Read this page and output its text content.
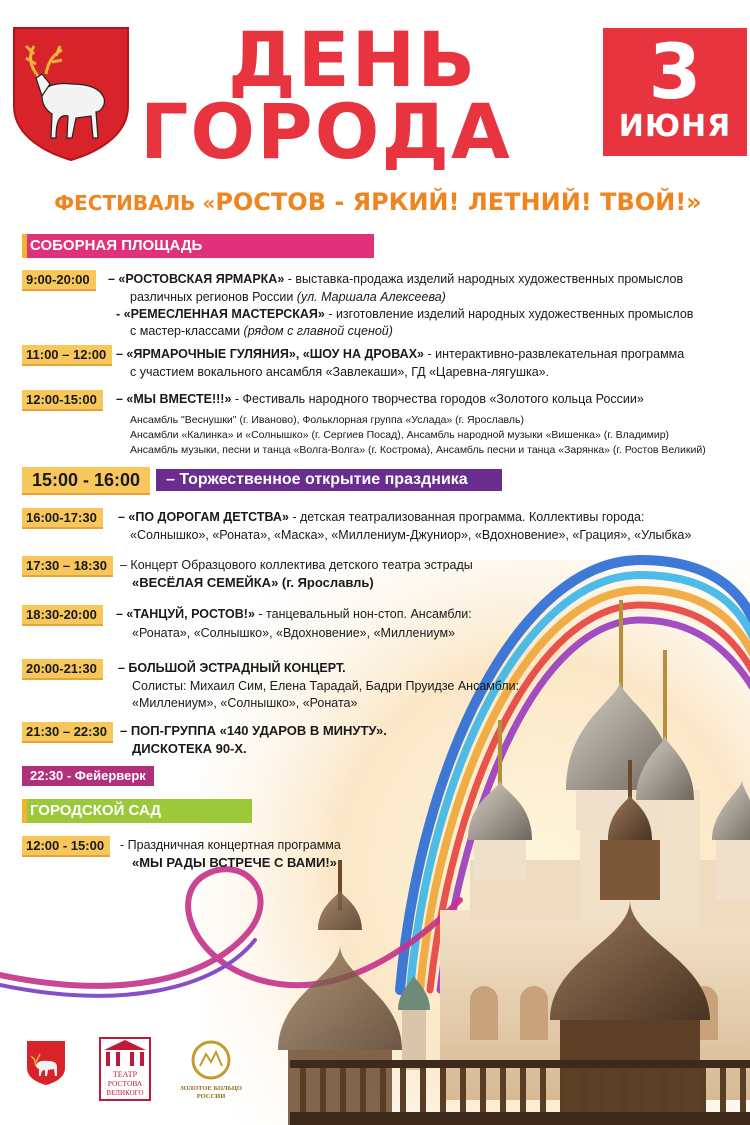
ДЕНЬ
ГОРОДА
3
ИЮНЯ
ФЕСТИВАЛЬ «РОСТОВ - ЯРКИЙ! ЛЕТНИЙ! ТВОЙ!»
СОБОРНАЯ ПЛОЩАДЬ
9:00-20:00	– «РОСТОВСКАЯ ЯРМАРКА» - выставка-продажа изделий народных художественных промыслов
различных регионов России (ул. Маршала Алексеева)
- «РЕМЕСЛЕННАЯ МАСТЕРСКАЯ» - изготовление изделий народных художественных промыслов
с мастер-классами (рядом с главной сценой)
11:00 – 12:00 – «ЯРМАРОЧНЫЕ ГУЛЯНИЯ», «ШОУ НА ДРОВАХ» - интерактивно-развлекательная программа
с участием вокального ансамбля «Завлекаши», ГД «Царевна-лягушка».
12:00-15:00	– «МЫ ВМЕСТЕ!!!» - Фестиваль народного творчества городов «Золотого кольца России»
Ансамбль "Веснушки" (г. Иваново), Фольклорная группа «Услада» (г. Ярославль)
Ансамбли «Калинка» и «Солнышко» (г. Сергиев Посад), Ансамбль народной музыки «Вишенка» (г. Владимир)
Ансамбль музыки, песни и танца «Волга-Волга» (г. Кострома), Ансамбль песни и танца «Зарянка» (г. Ростов Великий)
15:00 - 16:00	– Торжественное открытие праздника
16:00-17:30	– «ПО ДОРОГАМ ДЕТСТВА» - детская театрализованная программа. Коллективы города:
«Солнышко», «Роната», «Маска», «Миллениум-Джуниор», «Вдохновение», «Грация», «Улыбка»
17:30 – 18:30	– Концерт Образцового коллектива детского театра эстрады
«ВЕСЁЛАЯ СЕМЕЙКА» (г. Ярославль)
18:30-20:00	– «ТАНЦУЙ, РОСТОВ!» - танцевальный нон-стоп. Ансамбли:
«Роната», «Солнышко», «Вдохновение», «Миллениум»
20:00-21:30	– БОЛЬШОЙ ЭСТРАДНЫЙ КОНЦЕРТ.
Солисты: Михаил Сим, Елена Тарадай, Бадри Пруидзе Ансамбли:
«Миллениум», «Солнышко», «Роната»
21:30 – 22:30	– ПОП-ГРУППА «140 УДАРОВ В МИНУТУ».
ДИСКОТЕКА 90-Х.
22:30 - Фейерверк
ГОРОДСКОЙ САД
12:00 - 15:00	- Праздничная концертная программа
«МЫ РАДЫ ВСТРЕЧЕ С ВАМИ!»
ТЕАТР
РОСТОВА
ВЕЛИКОГО
ЗОЛОТОЕ КОЛЬЦО
РОССИИ
